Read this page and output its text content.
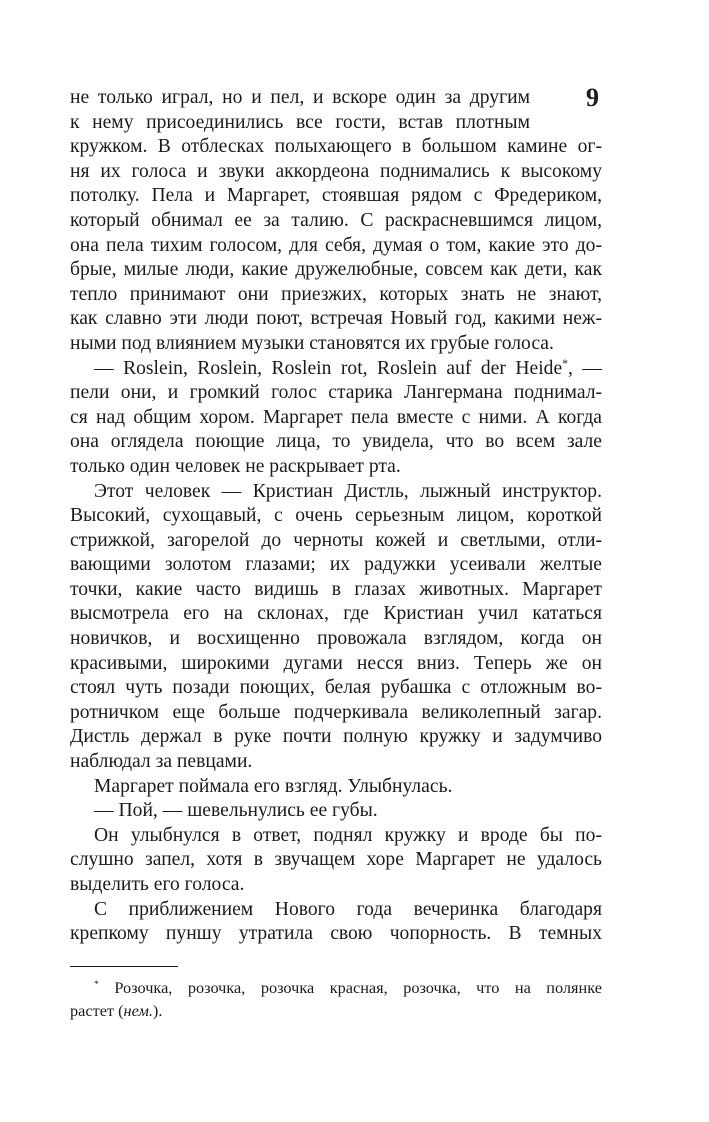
9
не только играл, но и пел, и вскоре один за другим
к нему присоединились все гости, встав плотным
кружком. В отблесках полыхающего в большом камине ог-
ня их голоса и звуки аккордеона поднимались к высокому
потолку. Пела и Маргарет, стоявшая рядом с Фредериком,
который обнимал ее за талию. С раскрасневшимся лицом,
она пела тихим голосом, для себя, думая о том, какие это до-
брые, милые люди, какие дружелюбные, совсем как дети, как
тепло принимают они приезжих, которых знать не знают,
как славно эти люди поют, встречая Новый год, какими неж-
ными под влиянием музыки становятся их грубые голоса.
— Roslein, Roslein, Roslein rot, Roslein auf der Heide*, —
пели они, и громкий голос старика Лангермана поднимал-
ся над общим хором. Маргарет пела вместе с ними. А когда
она оглядела поющие лица, то увидела, что во всем зале
только один человек не раскрывает рта.
Этот человек — Кристиан Дистль, лыжный инструктор.
Высокий, сухощавый, с очень серьезным лицом, короткой
стрижкой, загорелой до черноты кожей и светлыми, отли-
вающими золотом глазами; их радужки усеивали желтые
точки, какие часто видишь в глазах животных. Маргарет
высмотрела его на склонах, где Кристиан учил кататься
новичков, и восхищенно провожала взглядом, когда он
красивыми, широкими дугами несся вниз. Теперь же он
стоял чуть позади поющих, белая рубашка с отложным во-
ротничком еще больше подчеркивала великолепный загар.
Дистль держал в руке почти полную кружку и задумчиво
наблюдал за певцами.
Маргарет поймала его взгляд. Улыбнулась.
— Пой, — шевельнулись ее губы.
Он улыбнулся в ответ, поднял кружку и вроде бы по-
слушно запел, хотя в звучащем хоре Маргарет не удалось
выделить его голоса.
С приближением Нового года вечеринка благодаря
крепкому пуншу утратила свою чопорность. В темных
* Розочка, розочка, розочка красная, розочка, что на полянке
растет (нем.).
